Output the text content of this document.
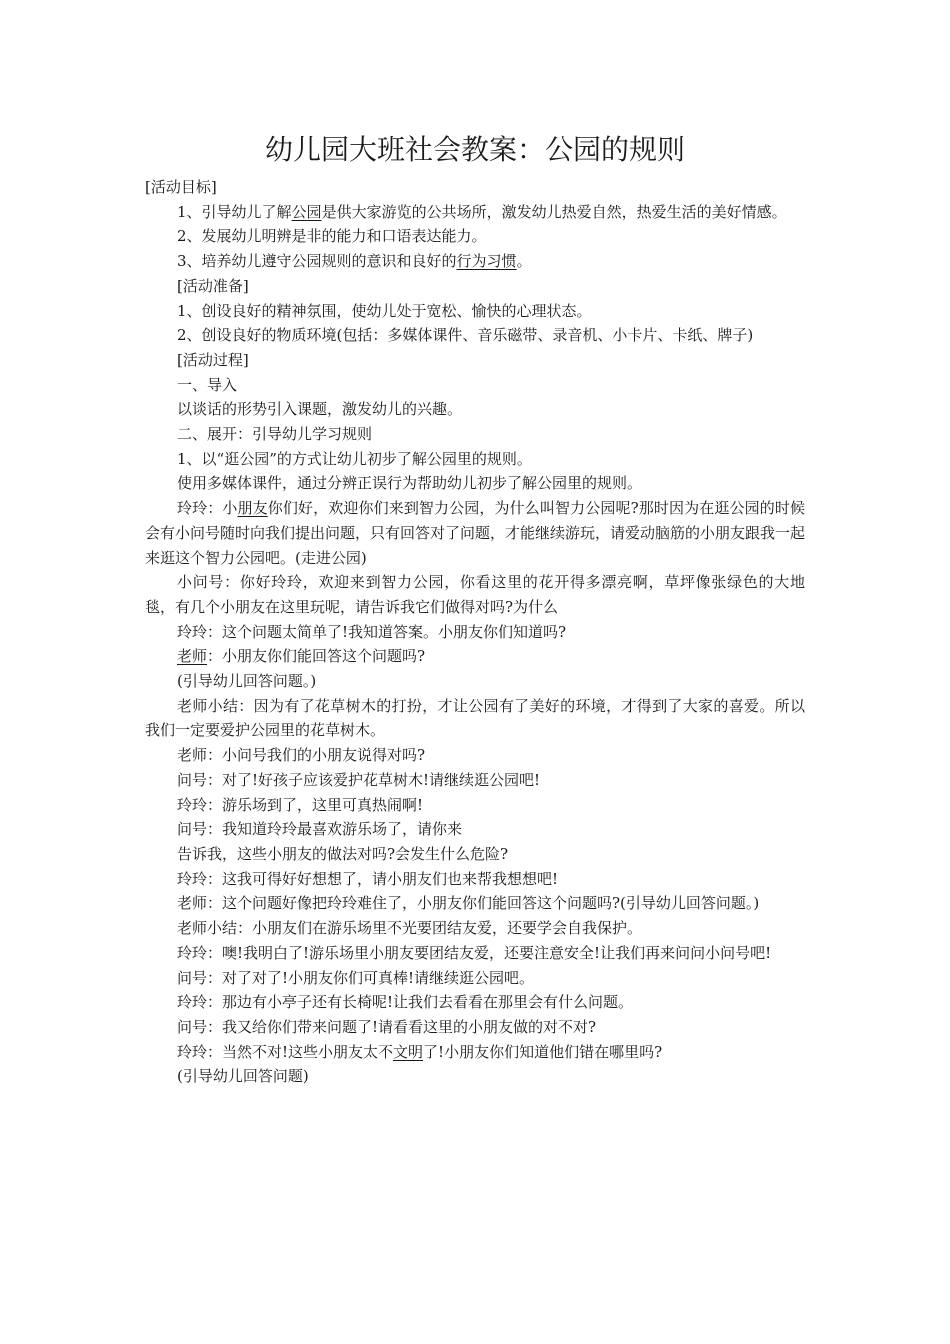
幼儿园大班社会教案：公园的规则

[活动目标]

1、引导幼儿了解公园是供大家游览的公共场所，激发幼儿热爱自然，热爱生活的美好情感。

2、发展幼儿明辨是非的能力和口语表达能力。

3、培养幼儿遵守公园规则的意识和良好的行为习惯。

[活动准备]

1、创设良好的精神氛围，使幼儿处于宽松、愉快的心理状态。

2、创设良好的物质环境(包括：多媒体课件、音乐磁带、录音机、小卡片、卡纸、牌子)

[活动过程]

一、导入

以谈话的形势引入课题，激发幼儿的兴趣。

二、展开：引导幼儿学习规则

1、以“逛公园”的方式让幼儿初步了解公园里的规则。

使用多媒体课件，通过分辨正误行为帮助幼儿初步了解公园里的规则。

玲玲：小朋友你们好，欢迎你们来到智力公园，为什么叫智力公园呢?那时因为在逛公园的时候会有小问号随时向我们提出问题，只有回答对了问题，才能继续游玩，请爱动脑筋的小朋友跟我一起来逛这个智力公园吧。(走进公园)

小问号：你好玲玲，欢迎来到智力公园，你看这里的花开得多漂亮啊，草坪像张绿色的大地毯，有几个小朋友在这里玩呢，请告诉我它们做得对吗?为什么

玲玲：这个问题太简单了!我知道答案。小朋友你们知道吗?

老师：小朋友你们能回答这个问题吗?

(引导幼儿回答问题。)

老师小结：因为有了花草树木的打扮，才让公园有了美好的环境，才得到了大家的喜爱。所以我们一定要爱护公园里的花草树木。

老师：小问号我们的小朋友说得对吗?

问号：对了!好孩子应该爱护花草树木!请继续逛公园吧!

玲玲：游乐场到了，这里可真热闹啊!

问号：我知道玲玲最喜欢游乐场了，请你来

告诉我，这些小朋友的做法对吗?会发生什么危险?

玲玲：这我可得好好想想了，请小朋友们也来帮我想想吧!

老师：这个问题好像把玲玲难住了，小朋友你们能回答这个问题吗?(引导幼儿回答问题。)

老师小结：小朋友们在游乐场里不光要团结友爱，还要学会自我保护。

玲玲：噢!我明白了!游乐场里小朋友要团结友爱，还要注意安全!让我们再来问问小问号吧!

问号：对了对了!小朋友你们可真棒!请继续逛公园吧。

玲玲：那边有小亭子还有长椅呢!让我们去看看在那里会有什么问题。

问号：我又给你们带来问题了!请看看这里的小朋友做的对不对?

玲玲：当然不对!这些小朋友太不文明了!小朋友你们知道他们错在哪里吗?

(引导幼儿回答问题)
